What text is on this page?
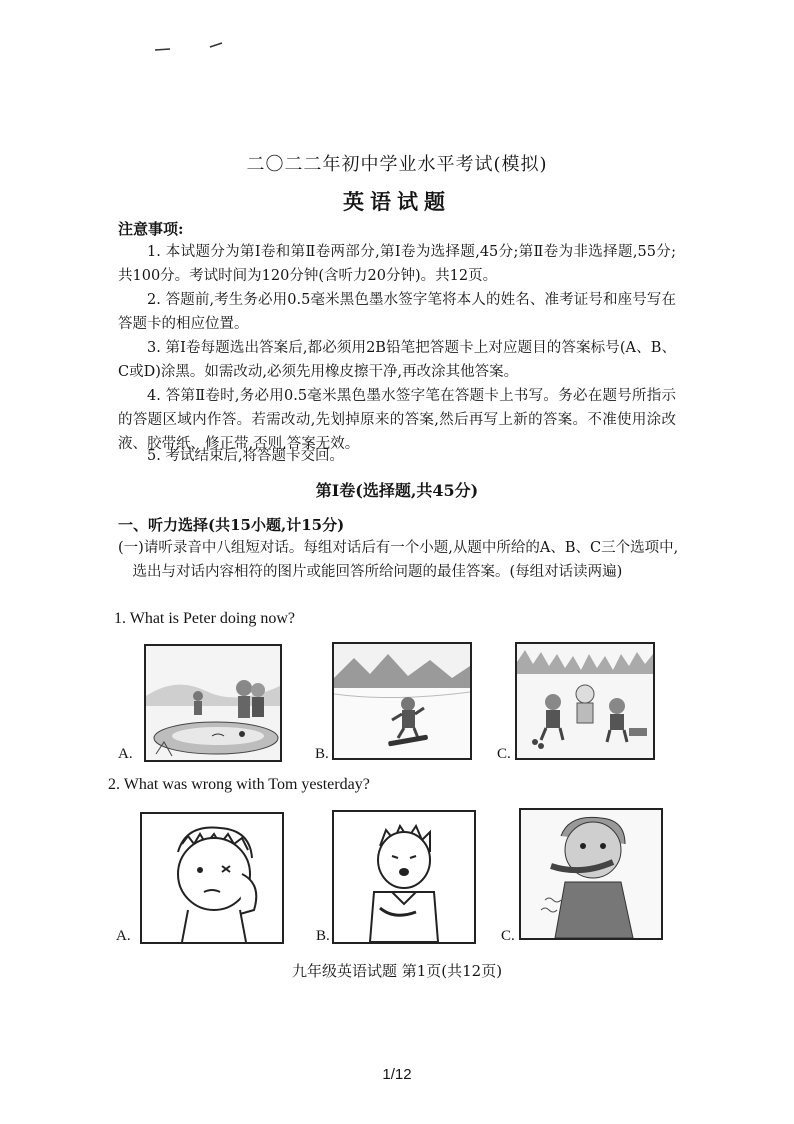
二〇二二年初中学业水平考试(模拟)
英语试题
注意事项:
1. 本试题分为第Ⅰ卷和第Ⅱ卷两部分,第Ⅰ卷为选择题,45分;第Ⅱ卷为非选择题,55分;共100分。考试时间为120分钟(含听力20分钟)。共12页。
2. 答题前,考生务必用0.5毫米黑色墨水签字笔将本人的姓名、准考证号和座号写在答题卡的相应位置。
3. 第Ⅰ卷每题选出答案后,都必须用2B铅笔把答题卡上对应题目的答案标号(A、B、C或D)涂黑。如需改动,必须先用橡皮擦干净,再改涂其他答案。
4. 答第Ⅱ卷时,务必用0.5毫米黑色墨水签字笔在答题卡上书写。务必在题号所指示的答题区域内作答。若需改动,先划掉原来的答案,然后再写上新的答案。不准使用涂改液、胶带纸、修正带,否则,答案无效。
5. 考试结束后,将答题卡交回。
第Ⅰ卷(选择题,共45分)
一、听力选择(共15小题,计15分)
(一)请听录音中八组短对话。每组对话后有一个小题,从题中所给的A、B、C三个选项中,选出与对话内容相符的图片或能回答所给问题的最佳答案。(每组对话读两遍)
1. What is Peter doing now?
A.	B.	C.
2. What was wrong with Tom yesterday?
A.	B.	C.
九年级英语试题 第1页(共12页)
1/12
